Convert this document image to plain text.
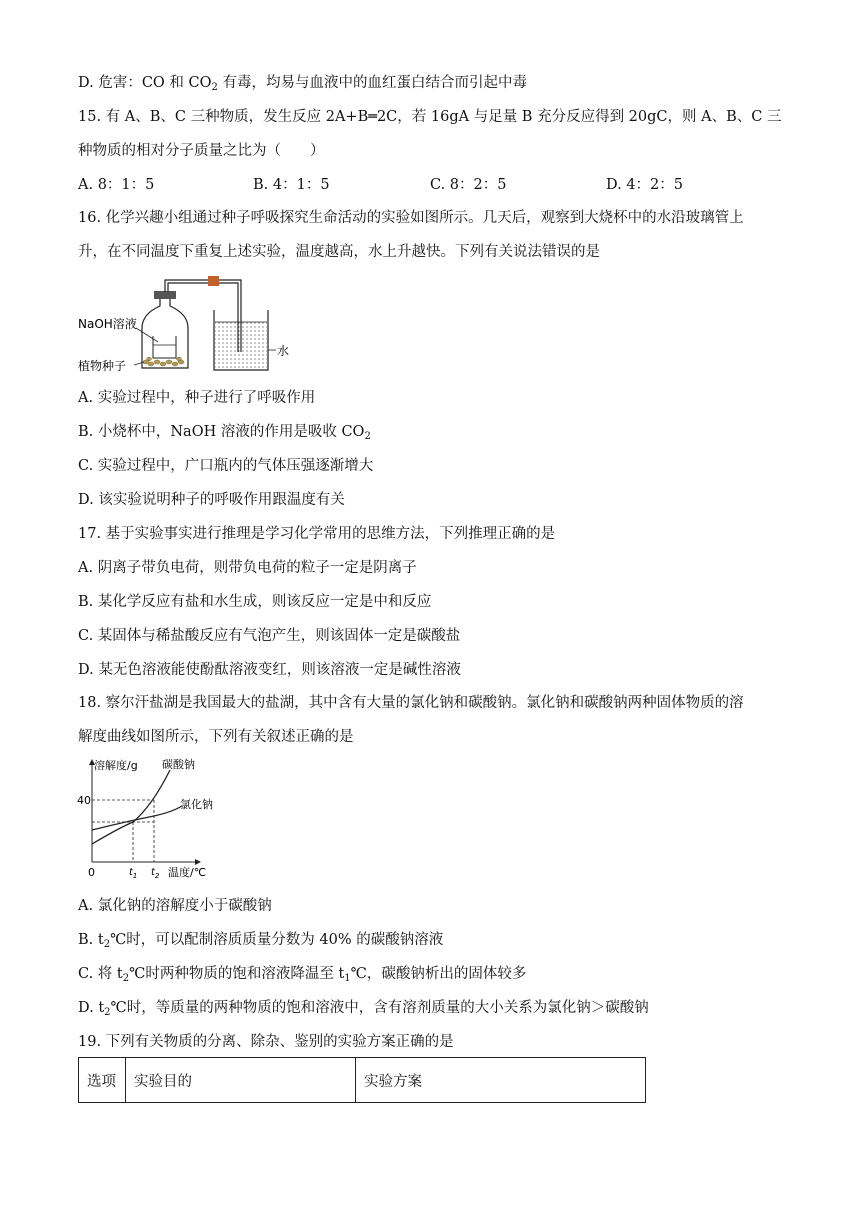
D. 危害：CO 和 $CO_2$ 有毒，均易与血液中的血红蛋白结合而引起中毒
15. 有 A、B、C 三种物质，发生反应 2A+B═2C，若 16gA 与足量 B 充分反应得到 20gC，则 A、B、C 三
种物质的相对分子质量之比为（　　）
A. 8：1：5	B. 4：1：5	C. 8：2：5	D. 4：2：5
16. 化学兴趣小组通过种子呼吸探究生命活动的实验如图所示。几天后，观察到大烧杯中的水沿玻璃管上
升，在不同温度下重复上述实验，温度越高，水上升越快。下列有关说法错误的是
NaOH溶液
水
植物种子
A. 实验过程中，种子进行了呼吸作用
B. 小烧杯中，NaOH 溶液的作用是吸收 $CO_2$
C. 实验过程中，广口瓶内的气体压强逐渐增大
D. 该实验说明种子的呼吸作用跟温度有关
17. 基于实验事实进行推理是学习化学常用的思维方法，下列推理正确的是
A. 阴离子带负电荷，则带负电荷的粒子一定是阴离子
B. 某化学反应有盐和水生成，则该反应一定是中和反应
C. 某固体与稀盐酸反应有气泡产生，则该固体一定是碳酸盐
D. 某无色溶液能使酚酞溶液变红，则该溶液一定是碱性溶液
18. 察尔汗盐湖是我国最大的盐湖，其中含有大量的氯化钠和碳酸钠。氯化钠和碳酸钠两种固体物质的溶
解度曲线如图所示，下列有关叙述正确的是
溶解度/g 碳酸钠
氯化钠
40
0	$t_1$ $t_2$ 温度/℃
A. 氯化钠的溶解度小于碳酸钠
B. $t_2℃$时，可以配制溶质质量分数为 40% 的碳酸钠溶液
C. 将 $t_2℃$时两种物质的饱和溶液降温至 $t_1℃$，碳酸钠析出的固体较多
D. $t_2℃$时，等质量的两种物质的饱和溶液中，含有溶剂质量的大小关系为氯化钠＞碳酸钠
19. 下列有关物质的分离、除杂、鉴别的实验方案正确的是
选项	实验目的	实验方案
